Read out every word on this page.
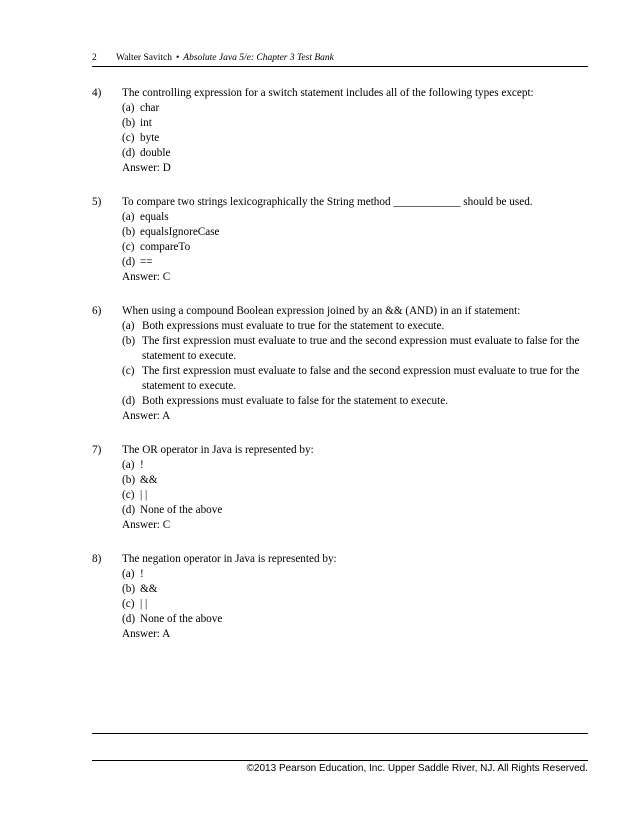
2 Walter Savitch • Absolute Java 5/e: Chapter 3 Test Bank
4)	The controlling expression for a switch statement includes all of the following types except:
(a) char
(b) int
(c) byte
(d) double
Answer: D
5)	To compare two strings lexicographically the String method ____________ should be used.
(a) equals
(b) equalsIgnoreCase
(c) compareTo
(d) ==
Answer: C
6)	When using a compound Boolean expression joined by an && (AND) in an if statement:
(a) Both expressions must evaluate to true for the statement to execute.
(b) The first expression must evaluate to true and the second expression must evaluate to false for the statement to execute.
(c) The first expression must evaluate to false and the second expression must evaluate to true for the statement to execute.
(d) Both expressions must evaluate to false for the statement to execute.
Answer: A
7)	The OR operator in Java is represented by:
(a) !
(b) &&
(c) | |
(d) None of the above
Answer: C
8)	The negation operator in Java is represented by:
(a) !
(b) &&
(c) | |
(d) None of the above
Answer: A
©2013 Pearson Education, Inc. Upper Saddle River, NJ. All Rights Reserved.
